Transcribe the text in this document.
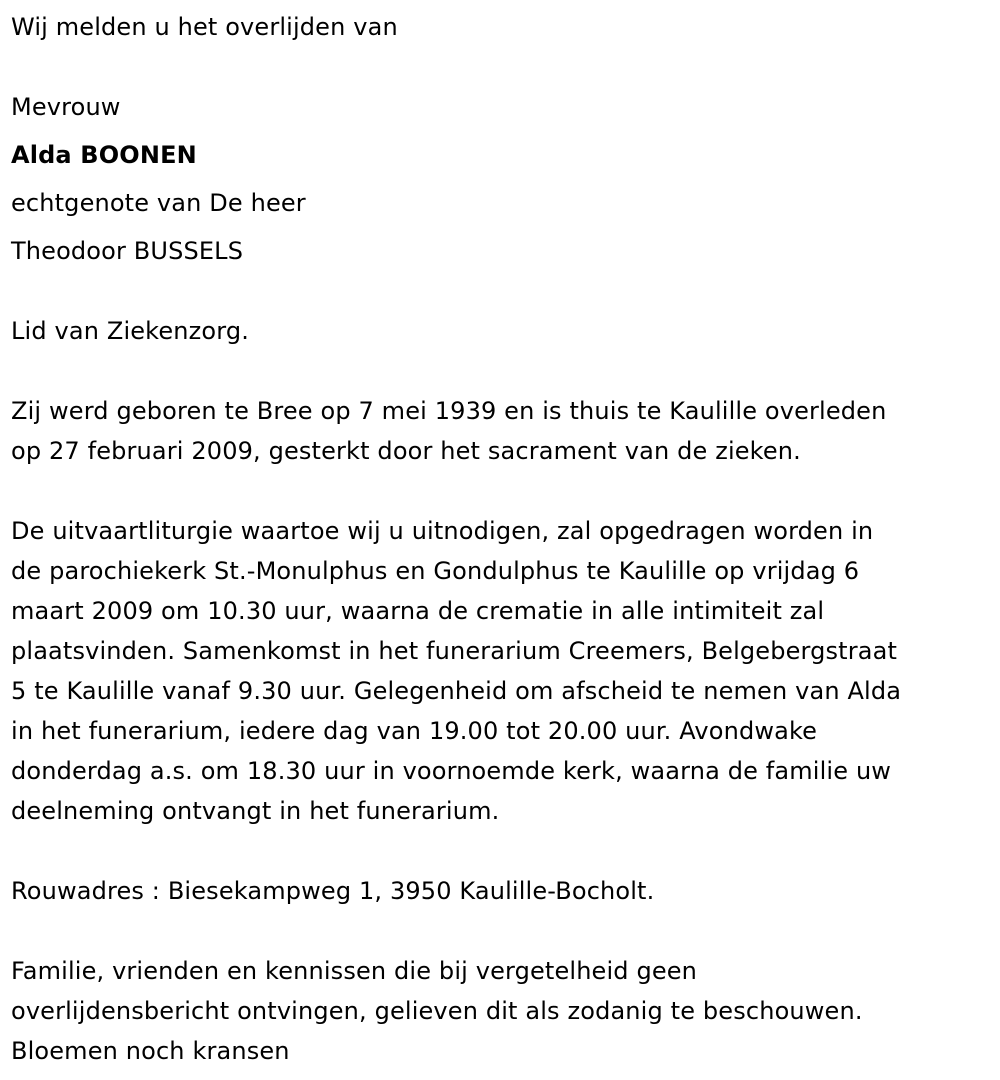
Wij melden u het overlijden van
Mevrouw
Alda BOONEN
echtgenote van De heer
Theodoor BUSSELS
Lid van Ziekenzorg.
Zij werd geboren te Bree op 7 mei 1939 en is thuis te Kaulille overleden
op 27 februari 2009, gesterkt door het sacrament van de zieken.
De uitvaartliturgie waartoe wij u uitnodigen, zal opgedragen worden in
de parochiekerk St.-Monulphus en Gondulphus te Kaulille op vrijdag 6
maart 2009 om 10.30 uur, waarna de crematie in alle intimiteit zal
plaatsvinden. Samenkomst in het funerarium Creemers, Belgebergstraat
5 te Kaulille vanaf 9.30 uur. Gelegenheid om afscheid te nemen van Alda
in het funerarium, iedere dag van 19.00 tot 20.00 uur. Avondwake
donderdag a.s. om 18.30 uur in voornoemde kerk, waarna de familie uw
deelneming ontvangt in het funerarium.
Rouwadres : Biesekampweg 1, 3950 Kaulille-Bocholt.
Familie, vrienden en kennissen die bij vergetelheid geen
overlijdensbericht ontvingen, gelieven dit als zodanig te beschouwen.
Bloemen noch kransen
